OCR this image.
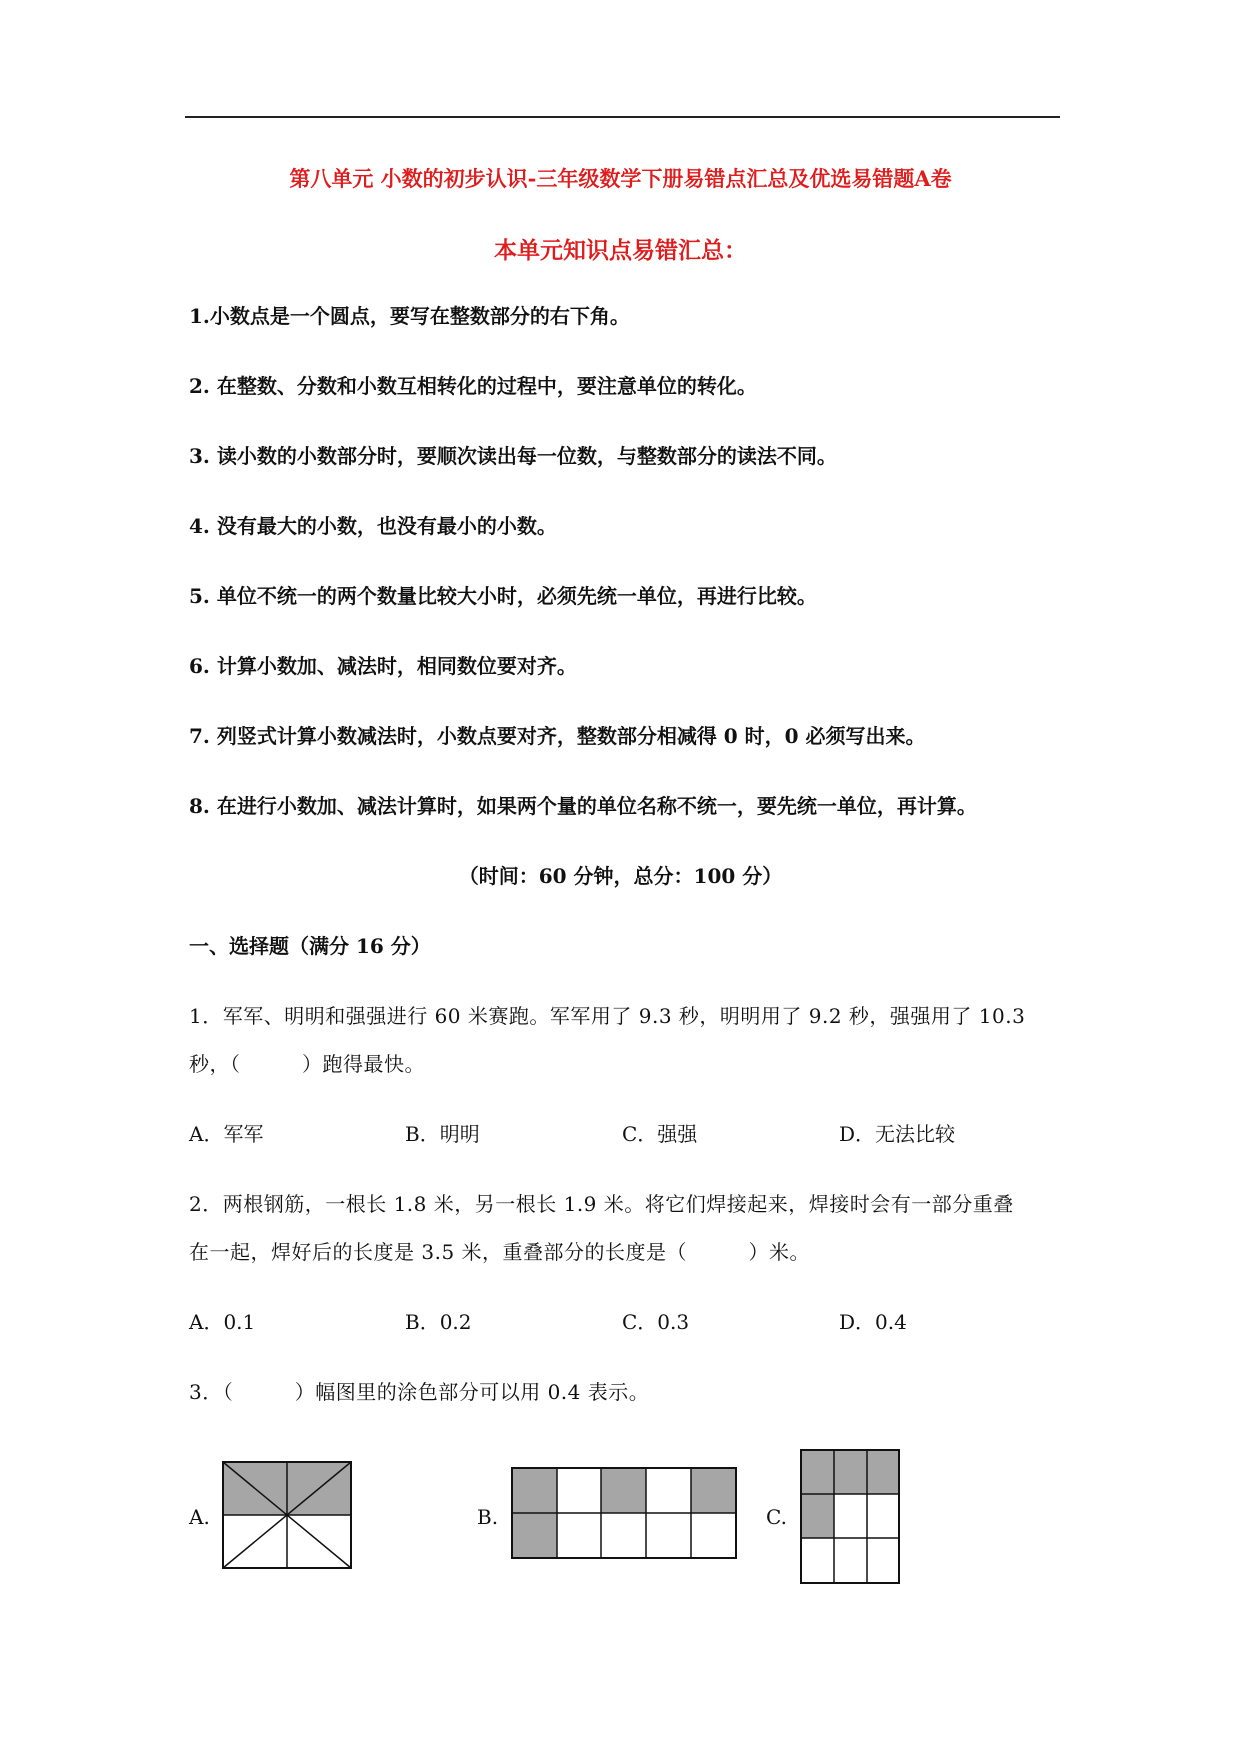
第八单元 小数的初步认识-三年级数学下册易错点汇总及优选易错题A卷
本单元知识点易错汇总：
1.小数点是一个圆点，要写在整数部分的右下角。
2. 在整数、分数和小数互相转化的过程中，要注意单位的转化。
3. 读小数的小数部分时，要顺次读出每一位数，与整数部分的读法不同。
4. 没有最大的小数，也没有最小的小数。
5. 单位不统一的两个数量比较大小时，必须先统一单位，再进行比较。
6. 计算小数加、减法时，相同数位要对齐。
7. 列竖式计算小数减法时，小数点要对齐，整数部分相减得 0 时，0 必须写出来。
8. 在进行小数加、减法计算时，如果两个量的单位名称不统一，要先统一单位，再计算。
（时间：60 分钟，总分：100 分）
一、选择题（满分 16 分）
1．军军、明明和强强进行 60 米赛跑。军军用了 9.3 秒，明明用了 9.2 秒，强强用了 10.3
秒，（　　　）跑得最快。
A．军军	B．明明	C．强强	D．无法比较
2．两根钢筋，一根长 1.8 米，另一根长 1.9 米。将它们焊接起来，焊接时会有一部分重叠
在一起，焊好后的长度是 3.5 米，重叠部分的长度是（　　　）米。
A．0.1	B．0.2	C．0.3	D．0.4
3．（　　　）幅图里的涂色部分可以用 0.4 表示。
A.	B.	C.
